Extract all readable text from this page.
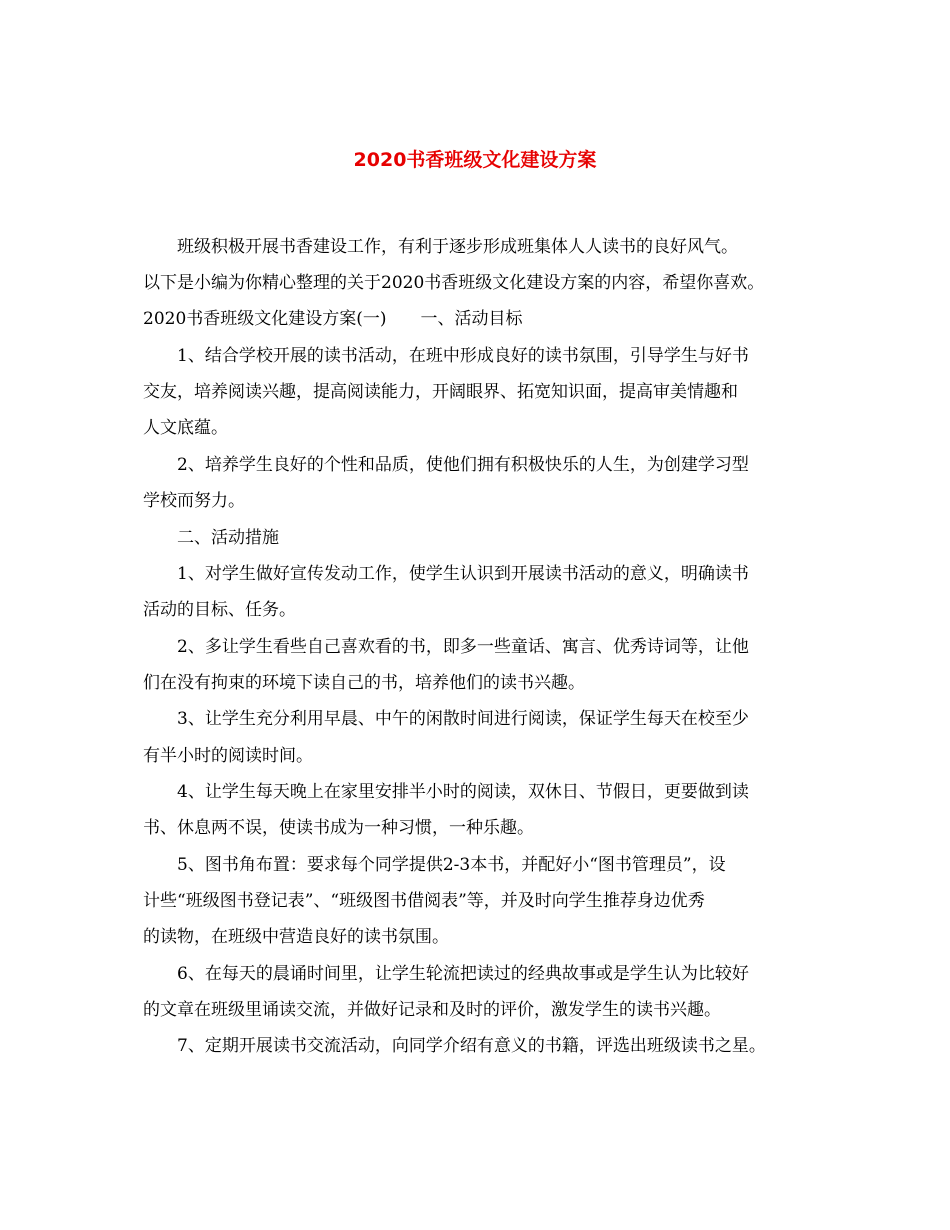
2020书香班级文化建设方案
班级积极开展书香建设工作，有利于逐步形成班集体人人读书的良好风气。
以下是小编为你精心整理的关于2020书香班级文化建设方案的内容，希望你喜欢。
2020书香班级文化建设方案(一)　　一、活动目标
1、结合学校开展的读书活动，在班中形成良好的读书氛围，引导学生与好书
交友，培养阅读兴趣，提高阅读能力，开阔眼界、拓宽知识面，提高审美情趣和
人文底蕴。
2、培养学生良好的个性和品质，使他们拥有积极快乐的人生，为创建学习型
学校而努力。
二、活动措施
1、对学生做好宣传发动工作，使学生认识到开展读书活动的意义，明确读书
活动的目标、任务。
2、多让学生看些自己喜欢看的书，即多一些童话、寓言、优秀诗词等，让他
们在没有拘束的环境下读自己的书，培养他们的读书兴趣。
3、让学生充分利用早晨、中午的闲散时间进行阅读，保证学生每天在校至少
有半小时的阅读时间。
4、让学生每天晚上在家里安排半小时的阅读，双休日、节假日，更要做到读
书、休息两不误，使读书成为一种习惯，一种乐趣。
5、图书角布置：要求每个同学提供2-3本书，并配好小“图书管理员”，设
计些“班级图书登记表”、“班级图书借阅表”等，并及时向学生推荐身边优秀
的读物，在班级中营造良好的读书氛围。
6、在每天的晨诵时间里，让学生轮流把读过的经典故事或是学生认为比较好
的文章在班级里诵读交流，并做好记录和及时的评价，激发学生的读书兴趣。
7、定期开展读书交流活动，向同学介绍有意义的书籍，评选出班级读书之星。
